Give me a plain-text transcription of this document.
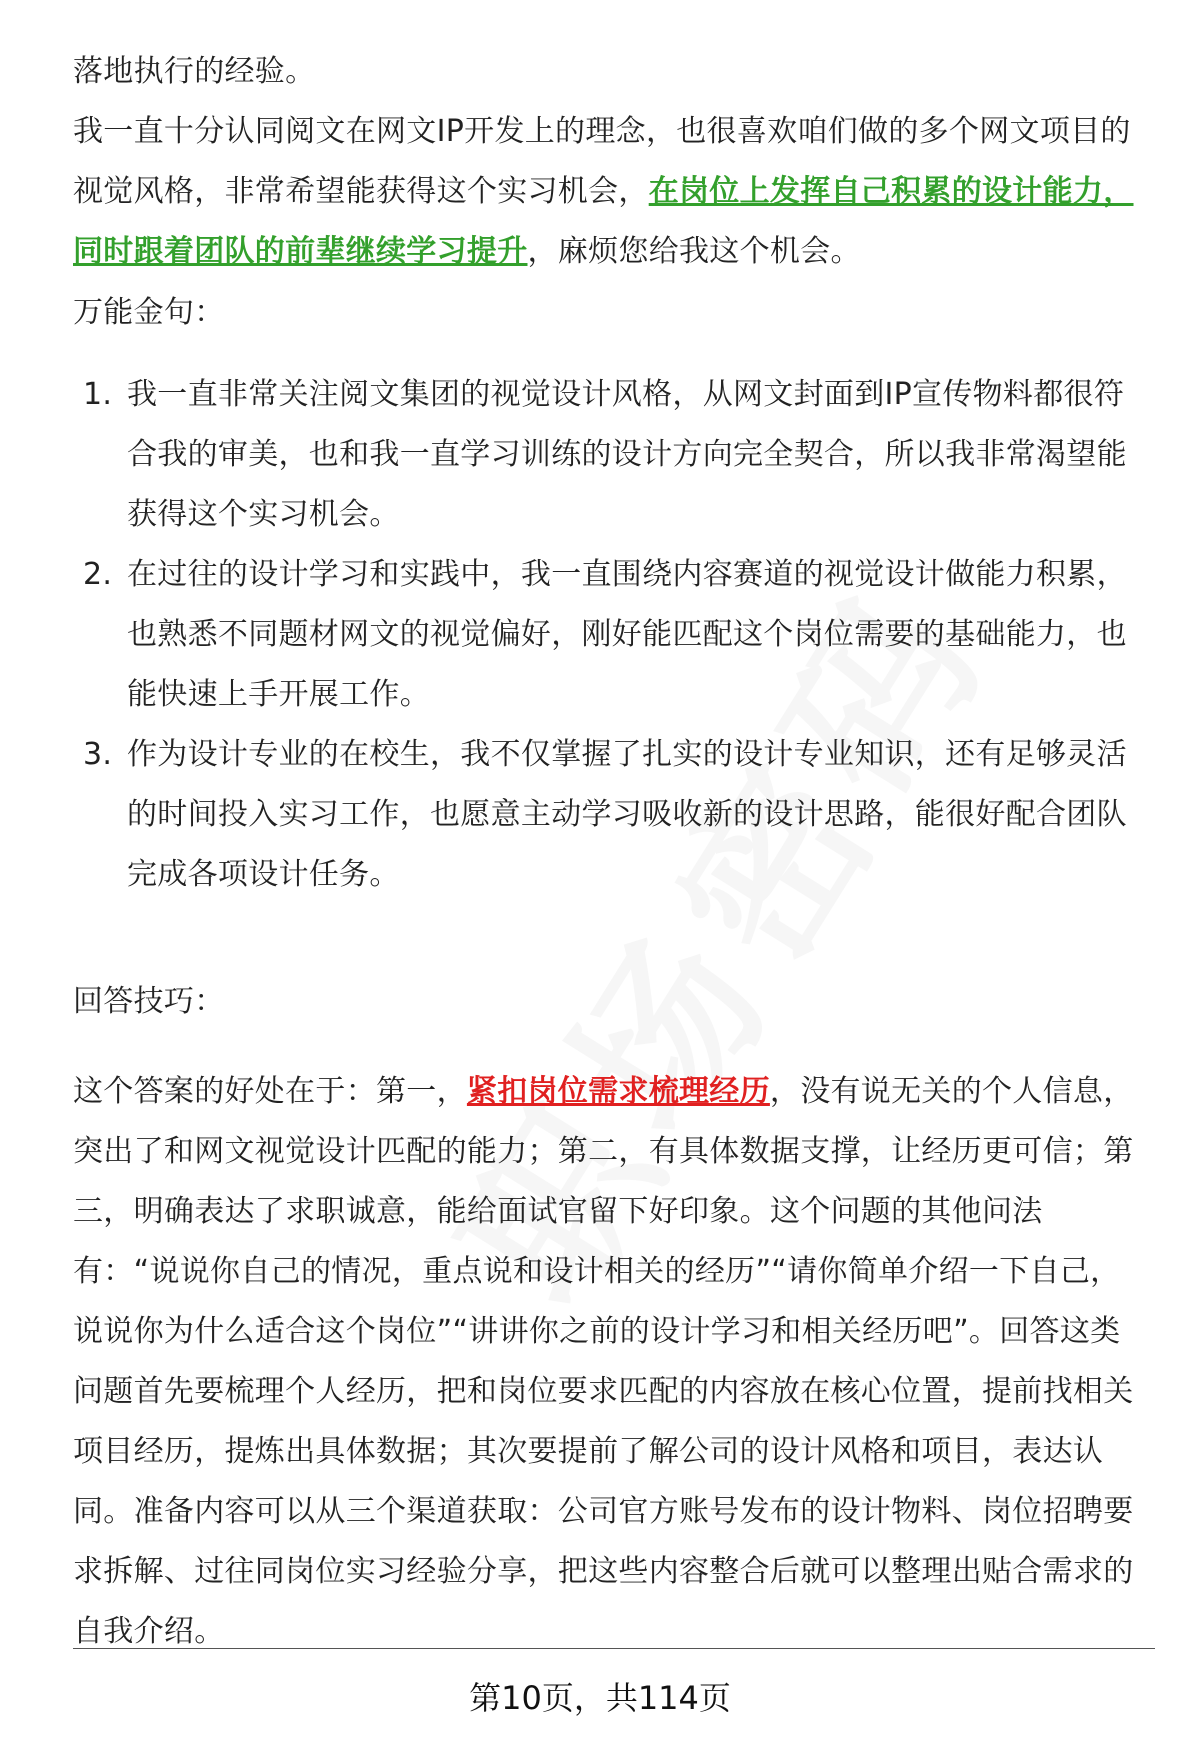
落地执行的经验。

我一直十分认同阅文在网文IP开发上的理念，也很喜欢咱们做的多个网文项目的视觉风格，非常希望能获得这个实习机会，在岗位上发挥自己积累的设计能力，同时跟着团队的前辈继续学习提升，麻烦您给我这个机会。

万能金句：

1. 我一直非常关注阅文集团的视觉设计风格，从网文封面到IP宣传物料都很符合我的审美，也和我一直学习训练的设计方向完全契合，所以我非常渴望能获得这个实习机会。
2. 在过往的设计学习和实践中，我一直围绕内容赛道的视觉设计做能力积累，也熟悉不同题材网文的视觉偏好，刚好能匹配这个岗位需要的基础能力，也能快速上手开展工作。
3. 作为设计专业的在校生，我不仅掌握了扎实的设计专业知识，还有足够灵活的时间投入实习工作，也愿意主动学习吸收新的设计思路，能很好配合团队完成各项设计任务。

回答技巧：

这个答案的好处在于：第一，紧扣岗位需求梳理经历，没有说无关的个人信息，突出了和网文视觉设计匹配的能力；第二，有具体数据支撑，让经历更可信；第三，明确表达了求职诚意，能给面试官留下好印象。这个问题的其他问法有：“说说你自己的情况，重点说和设计相关的经历”“请你简单介绍一下自己，说说你为什么适合这个岗位”“讲讲你之前的设计学习和相关经历吧”。回答这类问题首先要梳理个人经历，把和岗位要求匹配的内容放在核心位置，提前找相关项目经历，提炼出具体数据；其次要提前了解公司的设计风格和项目，表达认同。准备内容可以从三个渠道获取：公司官方账号发布的设计物料、岗位招聘要求拆解、过往同岗位实习经验分享，把这些内容整合后就可以整理出贴合需求的自我介绍。

第10页，共114页
